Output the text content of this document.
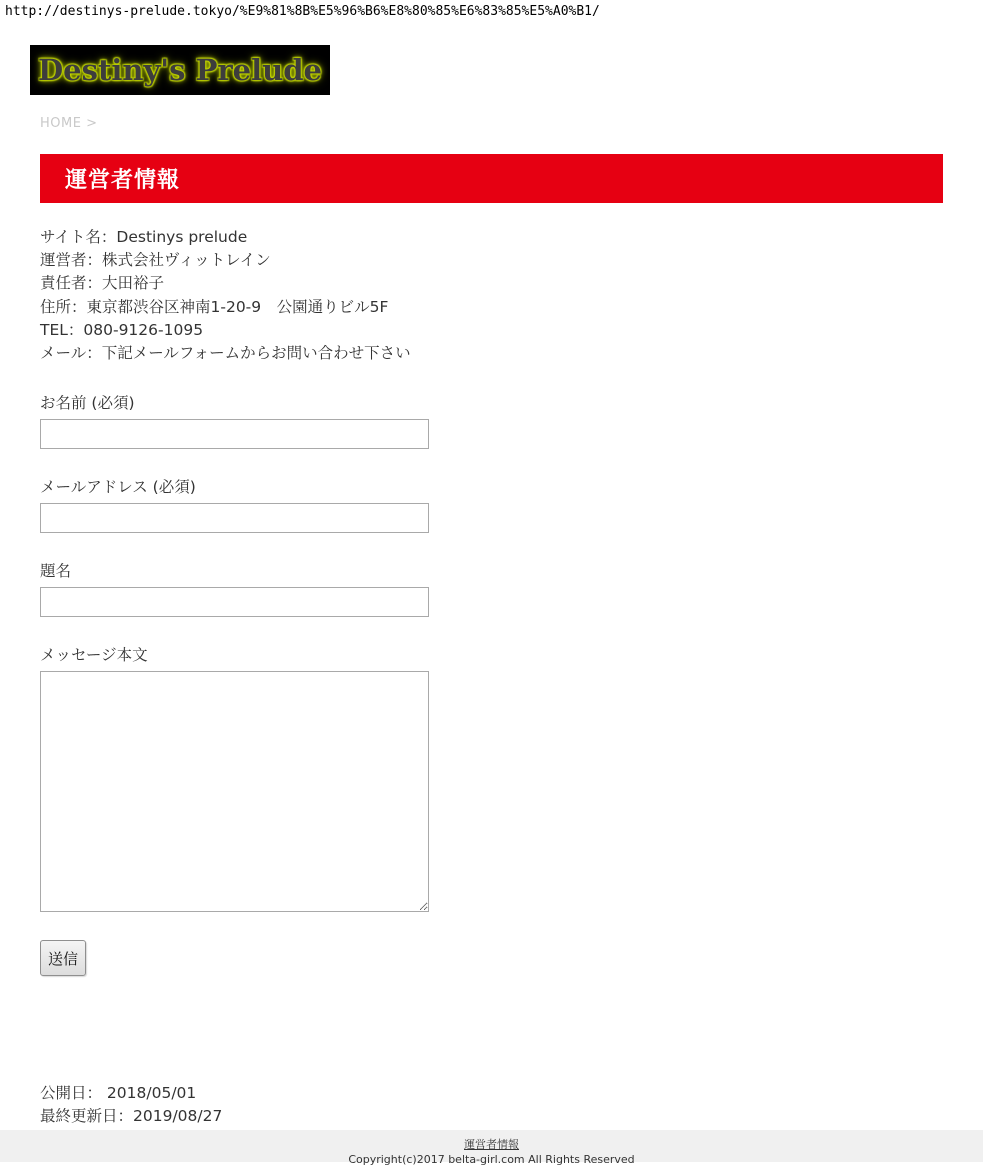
http://destinys-prelude.tokyo/%E9%81%8B%E5%96%B6%E8%80%85%E6%83%85%E5%A0%B1/
Destiny's Prelude
HOME >
運営者情報
サイト名：Destinys prelude
運営者：株式会社ヴィットレイン
責任者：大田裕子
住所：東京都渋谷区神南1-20-9　公園通りビル5F
TEL：080-9126-1095
メール：下記メールフォームからお問い合わせ下さい
お名前 (必須)
メールアドレス (必須)
題名
メッセージ本文
送信
公開日： 2018/05/01
最終更新日：2019/08/27
運営者情報
Copyright(c)2017 belta-girl.com All Rights Reserved
